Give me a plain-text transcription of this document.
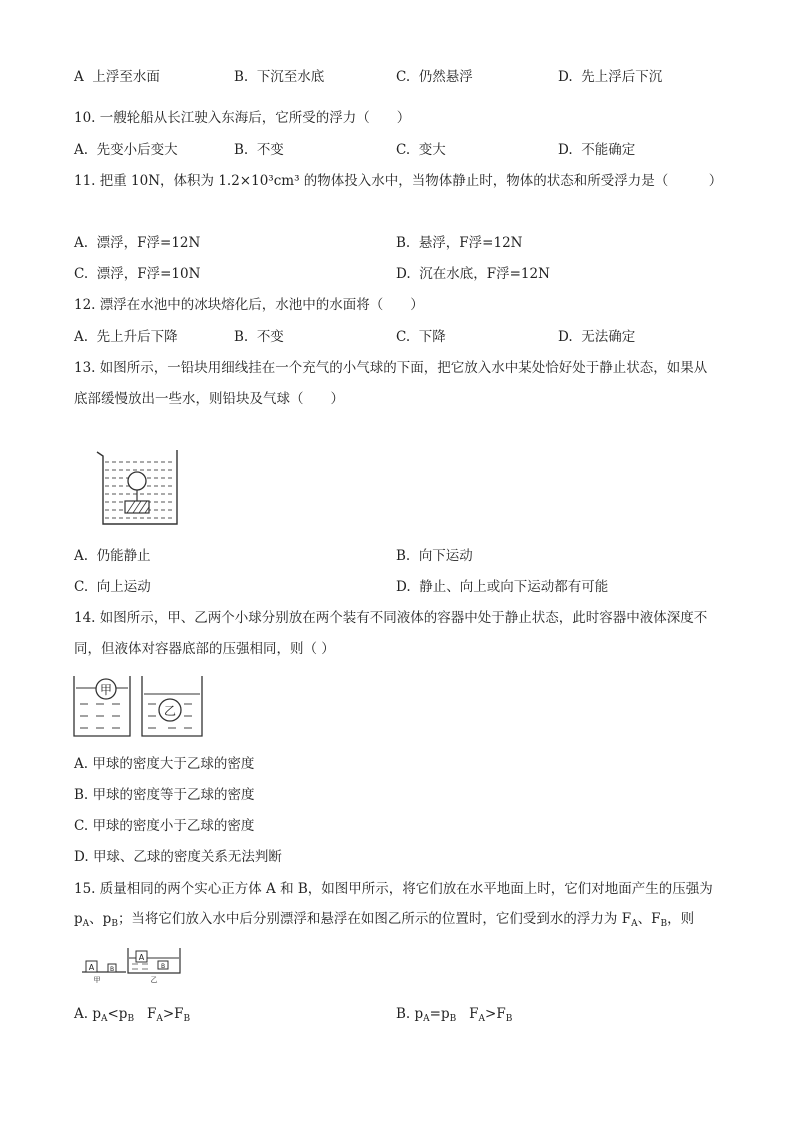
A 上浮至水面	B. 下沉至水底	C. 仍然悬浮	D. 先上浮后下沉
10. 一艘轮船从长江驶入东海后，它所受的浮力（　　）
A. 先变小后变大	B. 不变	C. 变大	D. 不能确定
11. 把重 10N，体积为 1.2×10³cm³ 的物体投入水中，当物体静止时，物体的状态和所受浮力是（　　　）
A. 漂浮，F浮=12N	B. 悬浮，F浮=12N
C. 漂浮，F浮=10N	D. 沉在水底，F浮=12N
12. 漂浮在水池中的冰块熔化后，水池中的水面将（　　）
A. 先上升后下降	B. 不变	C. 下降	D. 无法确定
13. 如图所示，一铅块用细线挂在一个充气的小气球的下面，把它放入水中某处恰好处于静止状态，如果从
底部缓慢放出一些水，则铅块及气球（　　）
A. 仍能静止	B. 向下运动
C. 向上运动	D. 静止、向上或向下运动都有可能
14. 如图所示，甲、乙两个小球分别放在两个装有不同液体的容器中处于静止状态，此时容器中液体深度不
同，但液体对容器底部的压强相同，则（ ）
甲
乙
A. 甲球的密度大于乙球的密度
B. 甲球的密度等于乙球的密度
C. 甲球的密度小于乙球的密度
D. 甲球、乙球的密度关系无法判断
15. 质量相同的两个实心正方体 A 和 B，如图甲所示，将它们放在水平地面上时，它们对地面产生的压强为
$p_A$、$p_B$；当将它们放入水中后分别漂浮和悬浮在如图乙所示的位置时，它们受到水的浮力为 $F_A$、$F_B$，则
A	B
甲
A
B
乙
A. $p_A<p_B$ $F_A>F_B$	B. $p_A=p_B$ $F_A>F_B$
